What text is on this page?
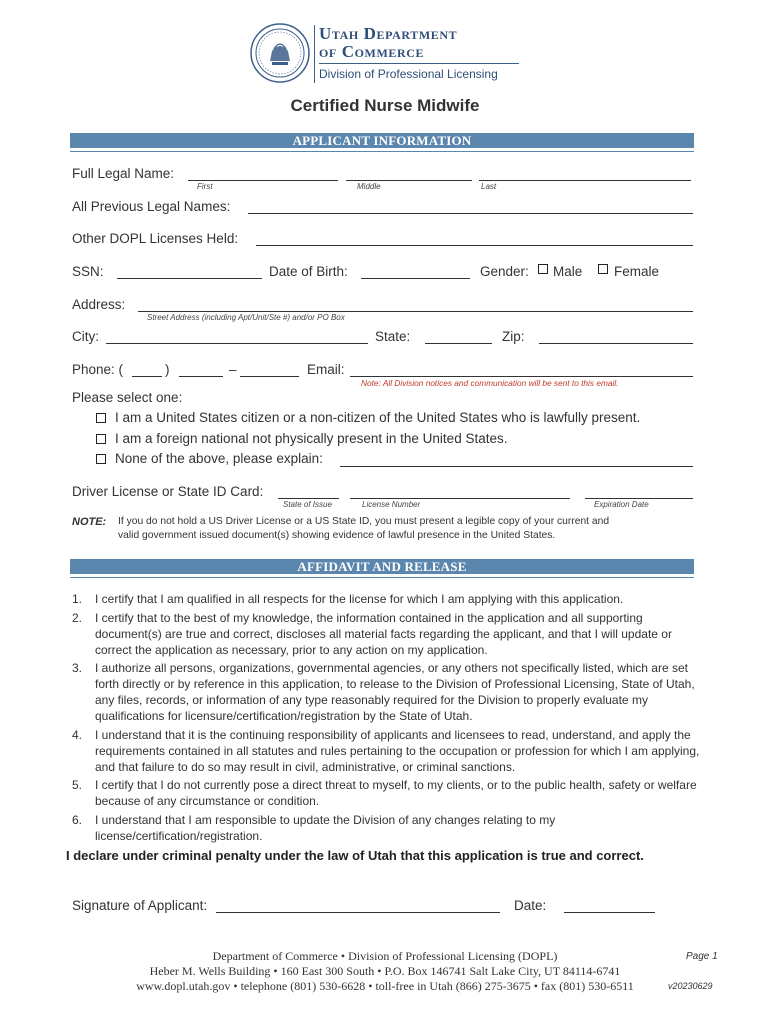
Utah Department
of Commerce
Division of Professional Licensing
Certified Nurse Midwife
APPLICANT INFORMATION
Full Legal Name:
First	Middle	Last
All Previous Legal Names:
Other DOPL Licenses Held:
SSN:	Date of Birth:	Gender: Male Female
Address:
Street Address (including Apt/Unit/Ste #) and/or PO Box
City:	State:	Zip:
Phone: (	)	–	Email:
Note: All Division notices and communication will be sent to this email.
Please select one:
I am a United States citizen or a non-citizen of the United States who is lawfully present.
I am a foreign national not physically present in the United States.
None of the above, please explain:
Driver License or State ID Card:
State of Issue	License Number	Expiration Date
NOTE: If you do not hold a US Driver License or a US State ID, you must present a legible copy of your current and
valid government issued document(s) showing evidence of lawful presence in the United States.
AFFIDAVIT AND RELEASE
1. I certify that I am qualified in all respects for the license for which I am applying with this application.
2. I certify that to the best of my knowledge, the information contained in the application and all supporting document(s) are true and correct, discloses all material facts regarding the applicant, and that I will update or correct the application as necessary, prior to any action on my application.
3. I authorize all persons, organizations, governmental agencies, or any others not specifically listed, which are set forth directly or by reference in this application, to release to the Division of Professional Licensing, State of Utah, any files, records, or information of any type reasonably required for the Division to properly evaluate my qualifications for licensure/certification/registration by the State of Utah.
4. I understand that it is the continuing responsibility of applicants and licensees to read, understand, and apply the requirements contained in all statutes and rules pertaining to the occupation or profession for which I am applying, and that failure to do so may result in civil, administrative, or criminal sanctions.
5. I certify that I do not currently pose a direct threat to myself, to my clients, or to the public health, safety or welfare because of any circumstance or condition.
6. I understand that I am responsible to update the Division of any changes relating to my license/certification/registration.
I declare under criminal penalty under the law of Utah that this application is true and correct.
Signature of Applicant:	Date:
Department of Commerce • Division of Professional Licensing (DOPL)
Heber M. Wells Building • 160 East 300 South • P.O. Box 146741 Salt Lake City, UT 84114-6741
www.dopl.utah.gov • telephone (801) 530-6628 • toll-free in Utah (866) 275-3675 • fax (801) 530-6511
Page 1
v20230629
